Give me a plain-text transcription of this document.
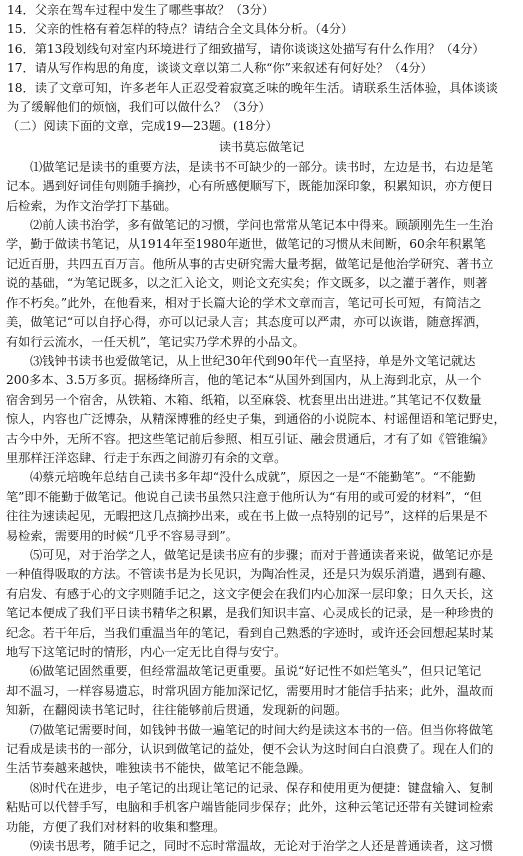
14．父亲在驾车过程中发生了哪些事故？（3分）
15．父亲的性格有着怎样的特点？请结合全文具体分析。（4分）
16．第13段划线句对室内环境进行了细致描写，请你谈谈这处描写有什么作用？（4分）
17．请从写作构思的角度，谈谈文章以第二人称“你”来叙述有何好处？（4分）
18．读了文章可知，许多老年人正忍受着寂寞乏味的晚年生活。请联系生活体验，具体谈谈
为了缓解他们的烦恼，我们可以做什么？（3分）
（二）阅读下面的文章，完成19—23题。(18分）
读书莫忘做笔记
⑴做笔记是读书的重要方法，是读书不可缺少的一部分。读书时，左边是书，右边是笔
记本。遇到好词佳句则随手摘抄，心有所感便顺写下，既能加深印象，积累知识，亦方便日
后检索，为作文治学打下基础。
⑵前人读书治学，多有做笔记的习惯，学问也常常从笔记本中得来。顾颉刚先生一生治
学，勤于做读书笔记，从1914年至1980年逝世，做笔记的习惯从未间断，60余年积累笔
记近百册，共四五百万言。他所从事的古史研究需大量考据，做笔记是他治学研究、著书立
说的基础，“为笔记既多，以之汇入论文，则论文充实矣；作文既多，以之灌于著作，则著
作不朽矣。”此外，在他看来，相对于长篇大论的学术文章而言，笔记可长可短，有简洁之
美，做笔记“可以自抒心得，亦可以记录人言；其态度可以严肃，亦可以诙谐，随意挥洒，
有如行云流水，一任天机”，笔记实乃学术界的小品文。
⑶钱钟书读书也爱做笔记，从上世纪30年代到90年代一直坚持，单是外文笔记就达
200多本、3.5万多页。据杨绛所言，他的笔记本“从国外到国内，从上海到北京，从一个
宿舍到另一个宿舍，从铁箱、木箱、纸箱，以至麻袋、枕套里出出进进。”其笔记不仅数量
惊人，内容也广泛博杂，从精深博雅的经史子集，到通俗的小说院本、村谣俚语和笔记野史，
古今中外，无所不容。把这些笔记前后参照、相互引证、融会贯通后，才有了如《管锥编》
里那样汪洋恣肆、行走于东西之间游刃有余的文章。
⑷蔡元培晚年总结自己读书多年却“没什么成就”，原因之一是“不能勤笔”。“不能勤
笔”即不能勤于做笔记。他说自己读书虽然只注意于他所认为“有用的或可爱的材料”，“但
往往为速读起见，无暇把这几点摘抄出来，或在书上做一点特别的记号”，这样的后果是不
易检索，需要用的时候“几乎不容易寻到”。
⑸可见，对于治学之人，做笔记是读书应有的步骤；而对于普通读者来说，做笔记亦是
一种值得吸取的方法。不管读书是为长见识，为陶冶性灵，还是只为娱乐消遣，遇到有趣、
有启发、有感于心的文字则随手记之，这文字便会在我们内心加深一层印象；日久天长，这
笔记本便成了我们平日读书精华之积累，是我们知识丰富、心灵成长的记录，是一种珍贵的
纪念。若干年后，当我们重温当年的笔记，看到自己熟悉的字迹时，或许还会回想起某时某
地写下这笔记时的情形，内心一定无比自得与安宁。
⑹做笔记固然重要，但经常温故笔记更重要。虽说“好记性不如烂笔头”，但只记笔记
却不温习，一样容易遗忘，时常巩固方能加深记忆，需要用时才能信手拈来；此外，温故而
知新，在翻阅读书笔记时，往往能够前后贯通，发现新的问题。
⑺做笔记需要时间，如钱钟书做一遍笔记的时间大约是读这本书的一倍。但当你将做笔
记看成是读书的一部分，认识到做笔记的益处，便不会认为这时间白白浪费了。现在人们的
生活节奏越来越快，唯独读书不能快，做笔记不能急躁。
⑻时代在进步，电子笔记的出现让笔记的记录、保存和使用更为便捷：键盘输入、复制
粘贴可以代替手写，电脑和手机客户端皆能同步保存；此外，这种云笔记还带有关键词检索
功能，方便了我们对材料的收集和整理。
⑼读书思考，随手记之，同时不忘时常温故，无论对于治学之人还是普通读者，这习惯
